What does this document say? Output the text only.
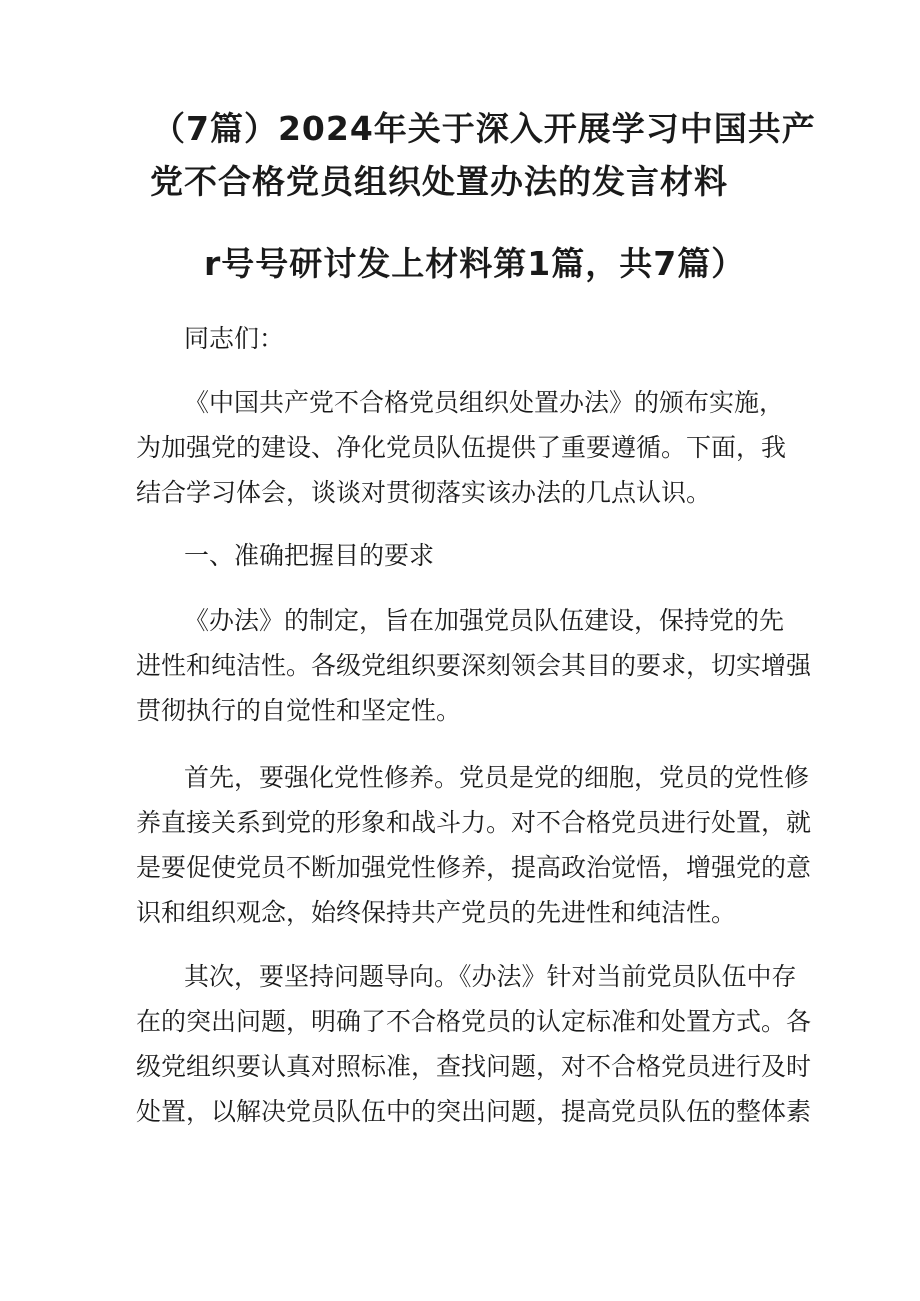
（7篇）2024年关于深入开展学习中国共产
党不合格党员组织处置办法的发言材料
r号号研讨发上材料第1篇，共7篇）
同志们：
《中国共产党不合格党员组织处置办法》的颁布实施，
为加强党的建设、净化党员队伍提供了重要遵循。下面，我
结合学习体会，谈谈对贯彻落实该办法的几点认识。
一、准确把握目的要求
《办法》的制定，旨在加强党员队伍建设，保持党的先
进性和纯洁性。各级党组织要深刻领会其目的要求，切实增强
贯彻执行的自觉性和坚定性。
首先，要强化党性修养。党员是党的细胞，党员的党性修
养直接关系到党的形象和战斗力。对不合格党员进行处置，就
是要促使党员不断加强党性修养，提高政治觉悟，增强党的意
识和组织观念，始终保持共产党员的先进性和纯洁性。
其次，要坚持问题导向。《办法》针对当前党员队伍中存
在的突出问题，明确了不合格党员的认定标准和处置方式。各
级党组织要认真对照标准，查找问题，对不合格党员进行及时
处置，以解决党员队伍中的突出问题，提高党员队伍的整体素
